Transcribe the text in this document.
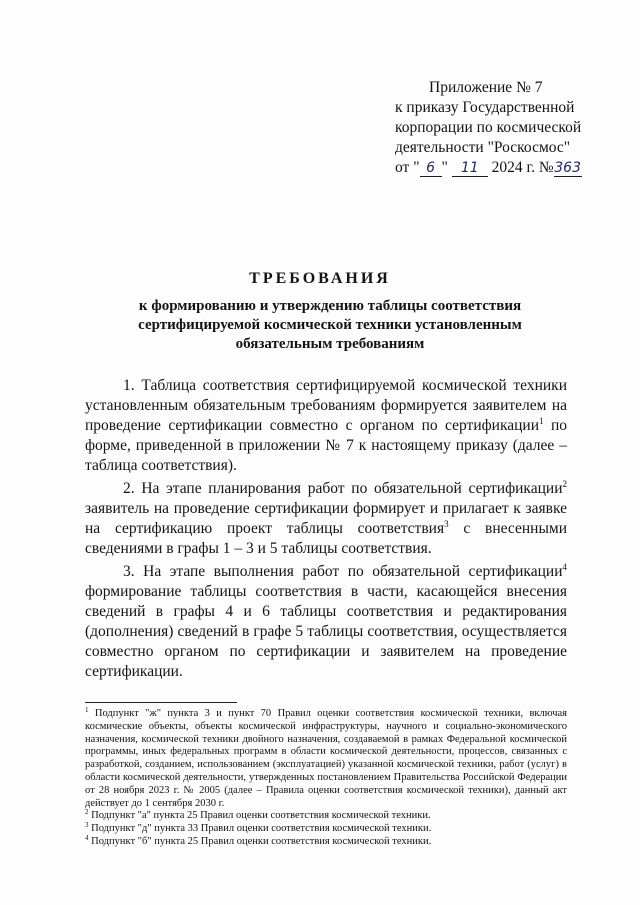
Приложение № 7
к приказу Государственной
корпорации по космической
деятельности "Роскосмос"
от " 6 " 11 2024 г. №363
ТРЕБОВАНИЯ
к формированию и утверждению таблицы соответствия
сертифицируемой космической техники установленным
обязательным требованиям

1. Таблица соответствия сертифицируемой космической техники установленным обязательным требованиям формируется заявителем на проведение сертификации совместно с органом по сертификации$^1$ по форме, приведенной в приложении № 7 к настоящему приказу (далее – таблица соответствия).

2. На этапе планирования работ по обязательной сертификации$^2$ заявитель на проведение сертификации формирует и прилагает к заявке на сертификацию проект таблицы соответствия$^3$ с внесенными сведениями в графы 1 – 3 и 5 таблицы соответствия.

3. На этапе выполнения работ по обязательной сертификации$^4$ формирование таблицы соответствия в части, касающейся внесения сведений в графы 4 и 6 таблицы соответствия и редактирования (дополнения) сведений в графе 5 таблицы соответствия, осуществляется совместно органом по сертификации и заявителем на проведение сертификации.

$^1$ Подпункт "ж" пункта 3 и пункт 70 Правил оценки соответствия космической техники, включая космические объекты, объекты космической инфраструктуры, научного и социально-экономического назначения, космической техники двойного назначения, создаваемой в рамках Федеральной космической программы, иных федеральных программ в области космической деятельности, процессов, связанных с разработкой, созданием, использованием (эксплуатацией) указанной космической техники, работ (услуг) в области космической деятельности, утвержденных постановлением Правительства Российской Федерации от 28 ноября 2023 г. № 2005 (далее – Правила оценки соответствия космической техники), данный акт действует до 1 сентября 2030 г.
$^2$ Подпункт "а" пункта 25 Правил оценки соответствия космической техники.
$^3$ Подпункт "д" пункта 33 Правил оценки соответствия космической техники.
$^4$ Подпункт "б" пункта 25 Правил оценки соответствия космической техники.
